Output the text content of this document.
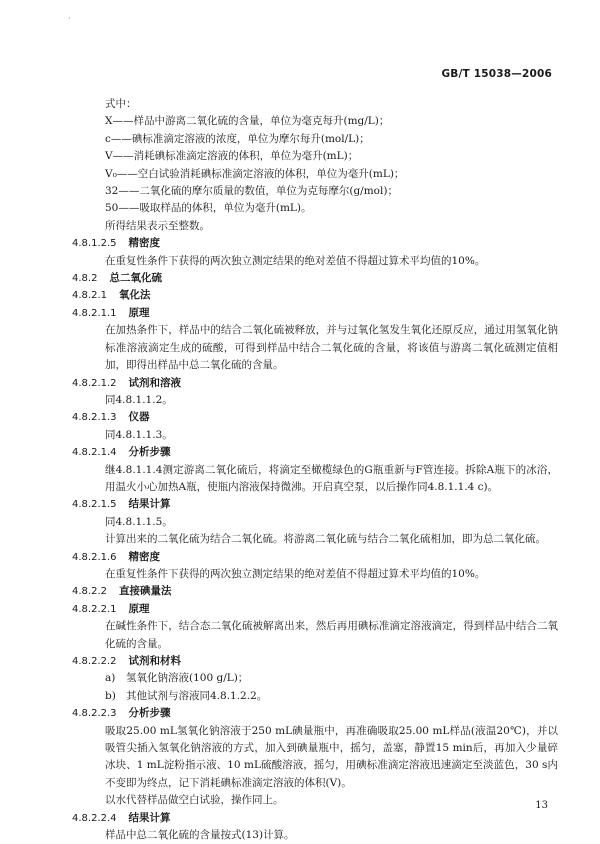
·
GB/T 15038—2006
式中：
X——样品中游离二氧化硫的含量，单位为毫克每升(mg/L)；
c——碘标准滴定溶液的浓度，单位为摩尔每升(mol/L)；
V——消耗碘标准滴定溶液的体积，单位为毫升(mL)；
V₀——空白试验消耗碘标准滴定溶液的体积，单位为毫升(mL)；
32——二氧化硫的摩尔质量的数值，单位为克每摩尔(g/mol)；
50——吸取样品的体积，单位为毫升(mL)。
所得结果表示至整数。
4.8.1.2.5 精密度
在重复性条件下获得的两次独立测定结果的绝对差值不得超过算术平均值的10%。
4.8.2 总二氧化硫
4.8.2.1 氧化法
4.8.2.1.1 原理
在加热条件下，样品中的结合二氧化硫被释放，并与过氧化氢发生氧化还原反应，通过用氢氧化钠标准溶液滴定生成的硫酸，可得到样品中结合二氧化硫的含量，将该值与游离二氧化硫测定值相加，即得出样品中总二氧化硫的含量。
4.8.2.1.2 试剂和溶液
同4.8.1.1.2。
4.8.2.1.3 仪器
同4.8.1.1.3。
4.8.2.1.4 分析步骤
继4.8.1.1.4测定游离二氧化硫后，将滴定至橄榄绿色的G瓶重新与F管连接。拆除A瓶下的冰浴，用温火小心加热A瓶，使瓶内溶液保持微沸。开启真空泵，以后操作同4.8.1.1.4 c)。
4.8.2.1.5 结果计算
同4.8.1.1.5。
计算出来的二氧化硫为结合二氧化硫。将游离二氧化硫与结合二氧化硫相加，即为总二氧化硫。
4.8.2.1.6 精密度
在重复性条件下获得的两次独立测定结果的绝对差值不得超过算术平均值的10%。
4.8.2.2 直接碘量法
4.8.2.2.1 原理
在碱性条件下，结合态二氧化硫被解离出来，然后再用碘标准滴定溶液滴定，得到样品中结合二氧化硫的含量。
4.8.2.2.2 试剂和材料
a) 氢氧化钠溶液(100 g/L)；
b) 其他试剂与溶液同4.8.1.2.2。
4.8.2.2.3 分析步骤
吸取25.00 mL氢氧化钠溶液于250 mL碘量瓶中，再准确吸取25.00 mL样品(液温20℃)，并以吸管尖插入氢氧化钠溶液的方式，加入到碘量瓶中，摇匀，盖塞，静置15 min后，再加入少量碎冰块、1 mL淀粉指示液、10 mL硫酸溶液，摇匀，用碘标准滴定溶液迅速滴定至淡蓝色，30 s内不变即为终点，记下消耗碘标准滴定溶液的体积(V)。
以水代替样品做空白试验，操作同上。
4.8.2.2.4 结果计算
样品中总二氧化硫的含量按式(13)计算。
13
